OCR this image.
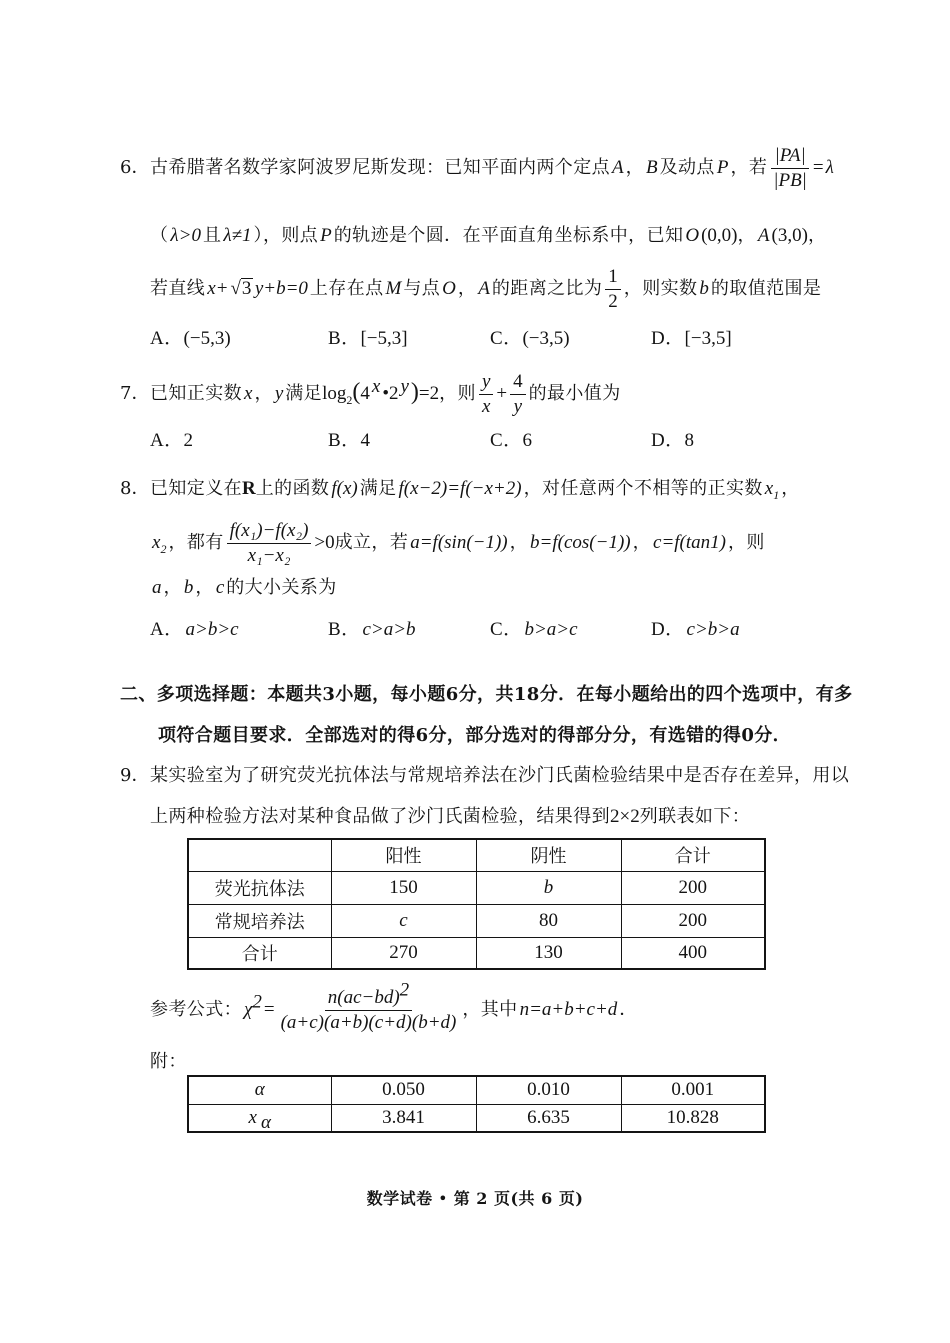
6．古希腊著名数学家阿波罗尼斯发现：已知平面内两个定点 A ， B 及动点 P ，若 $\frac{|PA|}{|PB|} = \lambda$
（ λ>0 且 λ≠1 ），则点 P 的轨迹是个圆．在平面直角坐标系中，已知 O (0,0)， A (3,0)，
若直线 x+ √3 y+b=0 上存在点 M 与点 O ， A 的距离之比为 $\frac{1}{2}$ ，则实数 b 的取值范围是
A．(−5,3)	B．[−5,3]	C．(−3,5)	D．[−3,5]
7．已知正实数 x ， y 满足$\log_2(4$ $^x$ •2 $^y$)=2，则 $\frac{y}{x} + \frac{4}{y}$ 的最小值为
A．2	B．4	C．6	D．8
8．已知定义在R上的函数 f(x) 满足 f(x−2)=f(−x+2) ，对任意两个不相等的正实数 $x_1$ ，
$x_2$ ，都有 $\frac{\text{f(x₁)−f(x₂)}}{\text{x₁−x₂}} >0$成立，若 a=f(sin(−1)) ， b=f(cos(−1)) ， c=f(tan1) ，则
a ， b ， c 的大小关系为
A． a>b>c	B． c>a>b	C． b>a>c	D． c>b>a
二、多项选择题：本题共3小题，每小题6分，共18分．在每小题给出的四个选项中，有多
项符合题目要求．全部选对的得6分，部分选对的得部分分，有选错的得0分．
9．某实验室为了研究荧光抗体法与常规培养法在沙门氏菌检验结果中是否存在差异，用以
上两种检验方法对某种食品做了沙门氏菌检验，结果得到2×2列联表如下：
	阳性	阴性	合计
荧光抗体法	150	b	200
常规培养法	c	80	200
合计	270	130	400
参考公式： $\chi^2 = \frac{n(ac-bd)^2}{(a+c)(a+b)(c+d)(b+d)}$ ，其中 n=a+b+c+d ．
附：
α	0.050	0.010	0.001
x $_\alpha$	3.841	6.635	10.828
数学试卷 • 第 2 页(共 6 页)
